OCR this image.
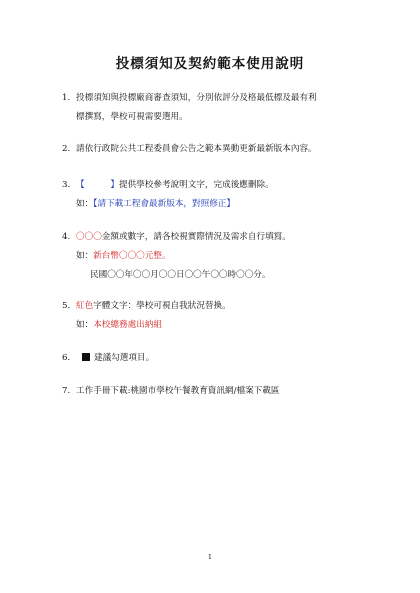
投標須知及契約範本使用說明
1. 投標須知與投標廠商審查須知，分別依評分及格最低標及最有利
標撰寫，學校可視需要選用。
2. 請依行政院公共工程委員會公告之範本異動更新最新版本內容。
3. 【　　　】提供學校參考說明文字，完成後應刪除。
如：【請下載工程會最新版本，對照修正】
4. 〇〇〇金額或數字，請各校視實際情況及需求自行填寫。
如：新台幣〇〇〇元整。
民國〇〇年〇〇月〇〇日〇〇午〇〇時〇〇分。
5. 紅色字體文字：學校可視自我狀況替換。
如：本校總務處出納組
6.	建議勾選項目。
7. 工作手冊下載:桃園市學校午餐教育資訊網/檔案下載區
1
